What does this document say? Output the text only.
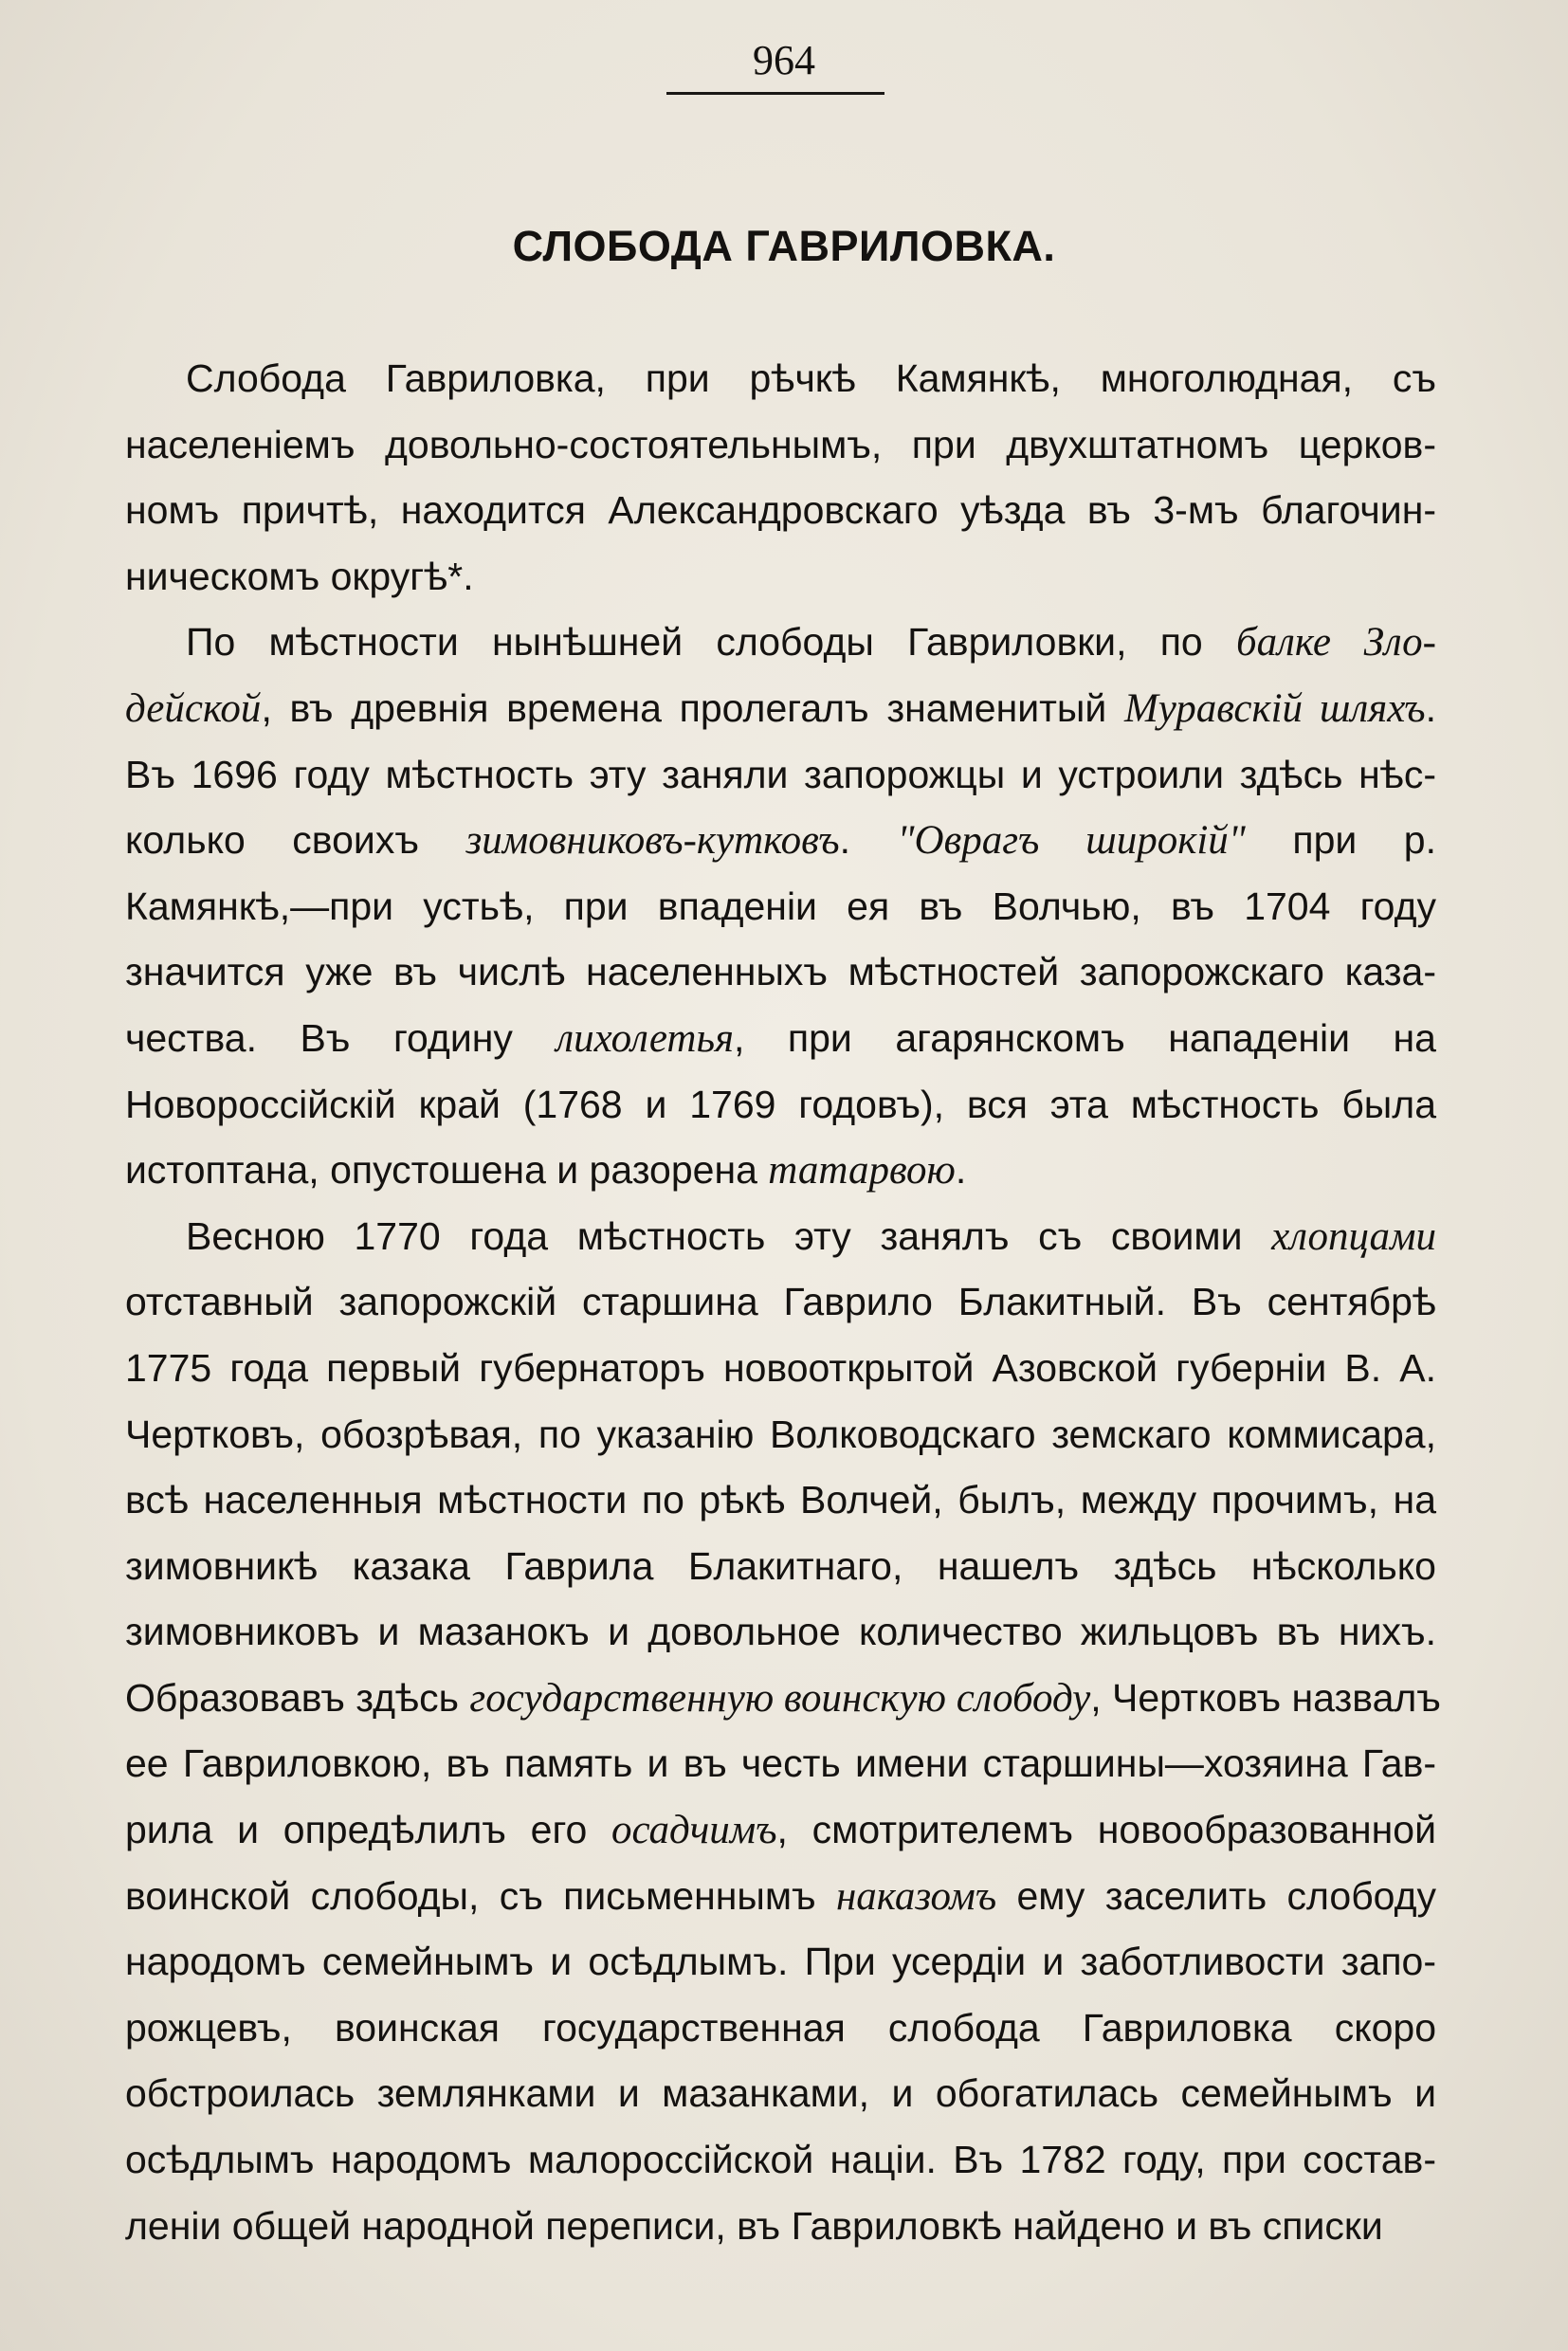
964
СЛОБОДА ГАВРИЛОВКА.
Слобода Гавриловка, при рѣчкѣ Камянкѣ, многолюдная, съ
населеніемъ довольно-состоятельнымъ, при двухштатномъ церков-
номъ причтѣ, находится Александровскаго уѣзда въ 3-мъ благочин-
ническомъ округѣ*.
По мѣстности нынѣшней слободы Гавриловки, по балке Зло-
дейской, въ древнія времена пролегалъ знаменитый Муравскій шляхъ.
Въ 1696 году мѣстность эту заняли запорожцы и устроили здѣсь нѣс-
колько своихъ зимовниковъ-кутковъ. "Оврагъ широкій" при р.
Камянкѣ,—при устьѣ, при впаденіи ея въ Волчью, въ 1704 году
значится уже въ числѣ населенныхъ мѣстностей запорожскаго каза-
чества. Въ годину лихолетья, при агарянскомъ нападеніи на
Новороссійскій край (1768 и 1769 годовъ), вся эта мѣстность была
истоптана, опустошена и разорена татарвою.
Весною 1770 года мѣстность эту занялъ съ своими хлопцами
отставный запорожскій старшина Гаврило Блакитный. Въ сентябрѣ
1775 года первый губернаторъ новооткрытой Азовской губерніи В. А.
Чертковъ, обозрѣвая, по указанію Волководскаго земскаго коммисара,
всѣ населенныя мѣстности по рѣкѣ Волчей, былъ, между прочимъ, на
зимовникѣ казака Гаврила Блакитнаго, нашелъ здѣсь нѣсколько
зимовниковъ и мазанокъ и довольное количество жильцовъ въ нихъ.
Образовавъ здѣсь государственную воинскую слободу, Чертковъ назвалъ
ее Гавриловкою, въ память и въ честь имени старшины—хозяина Гав-
рила и опредѣлилъ его осадчимъ, смотрителемъ новообразованной
воинской слободы, съ письменнымъ наказомъ ему заселить слободу
народомъ семейнымъ и осѣдлымъ. При усердіи и заботливости запо-
рожцевъ, воинская государственная слобода Гавриловка скоро
обстроилась землянками и мазанками, и обогатилась семейнымъ и
осѣдлымъ народомъ малороссійской націи. Въ 1782 году, при состав-
леніи общей народной переписи, въ Гавриловкѣ найдено и въ списки
